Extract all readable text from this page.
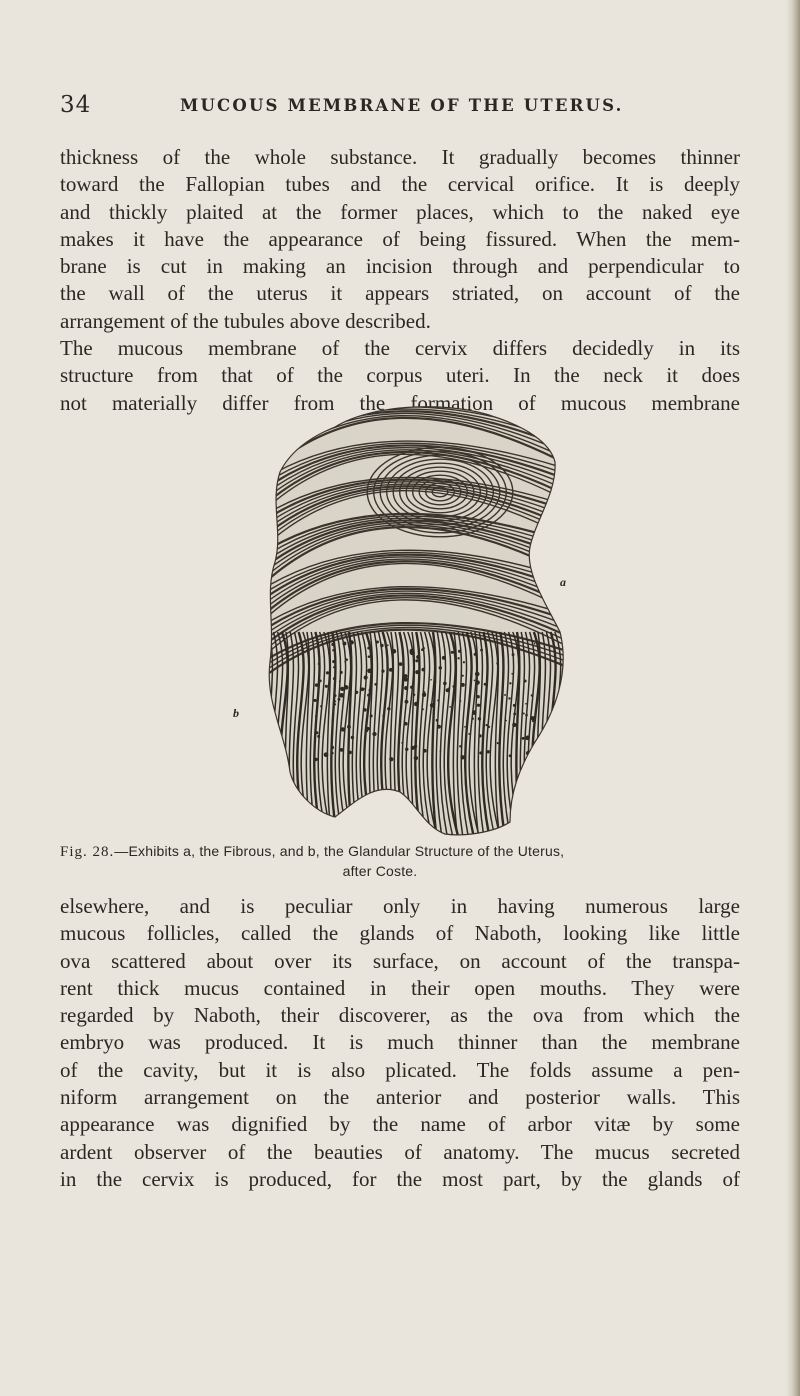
34	MUCOUS MEMBRANE OF THE UTERUS.
thickness of the whole substance. It gradually becomes thinner
toward the Fallopian tubes and the cervical orifice. It is deeply
and thickly plaited at the former places, which to the naked eye
makes it have the appearance of being fissured. When the mem-
brane is cut in making an incision through and perpendicular to
the wall of the uterus it appears striated, on account of the
arrangement of the tubules above described.
The mucous membrane of the cervix differs decidedly in its
structure from that of the corpus uteri. In the neck it does
not materially differ from the formation of mucous membrane
a
b
Fig. 28.—Exhibits a, the Fibrous, and b, the Glandular Structure of the Uterus,
after Coste.
elsewhere, and is peculiar only in having numerous large
mucous follicles, called the glands of Naboth, looking like little
ova scattered about over its surface, on account of the transpa-
rent thick mucus contained in their open mouths. They were
regarded by Naboth, their discoverer, as the ova from which the
embryo was produced. It is much thinner than the membrane
of the cavity, but it is also plicated. The folds assume a pen-
niform arrangement on the anterior and posterior walls. This
appearance was dignified by the name of arbor vitæ by some
ardent observer of the beauties of anatomy. The mucus secreted
in the cervix is produced, for the most part, by the glands of
